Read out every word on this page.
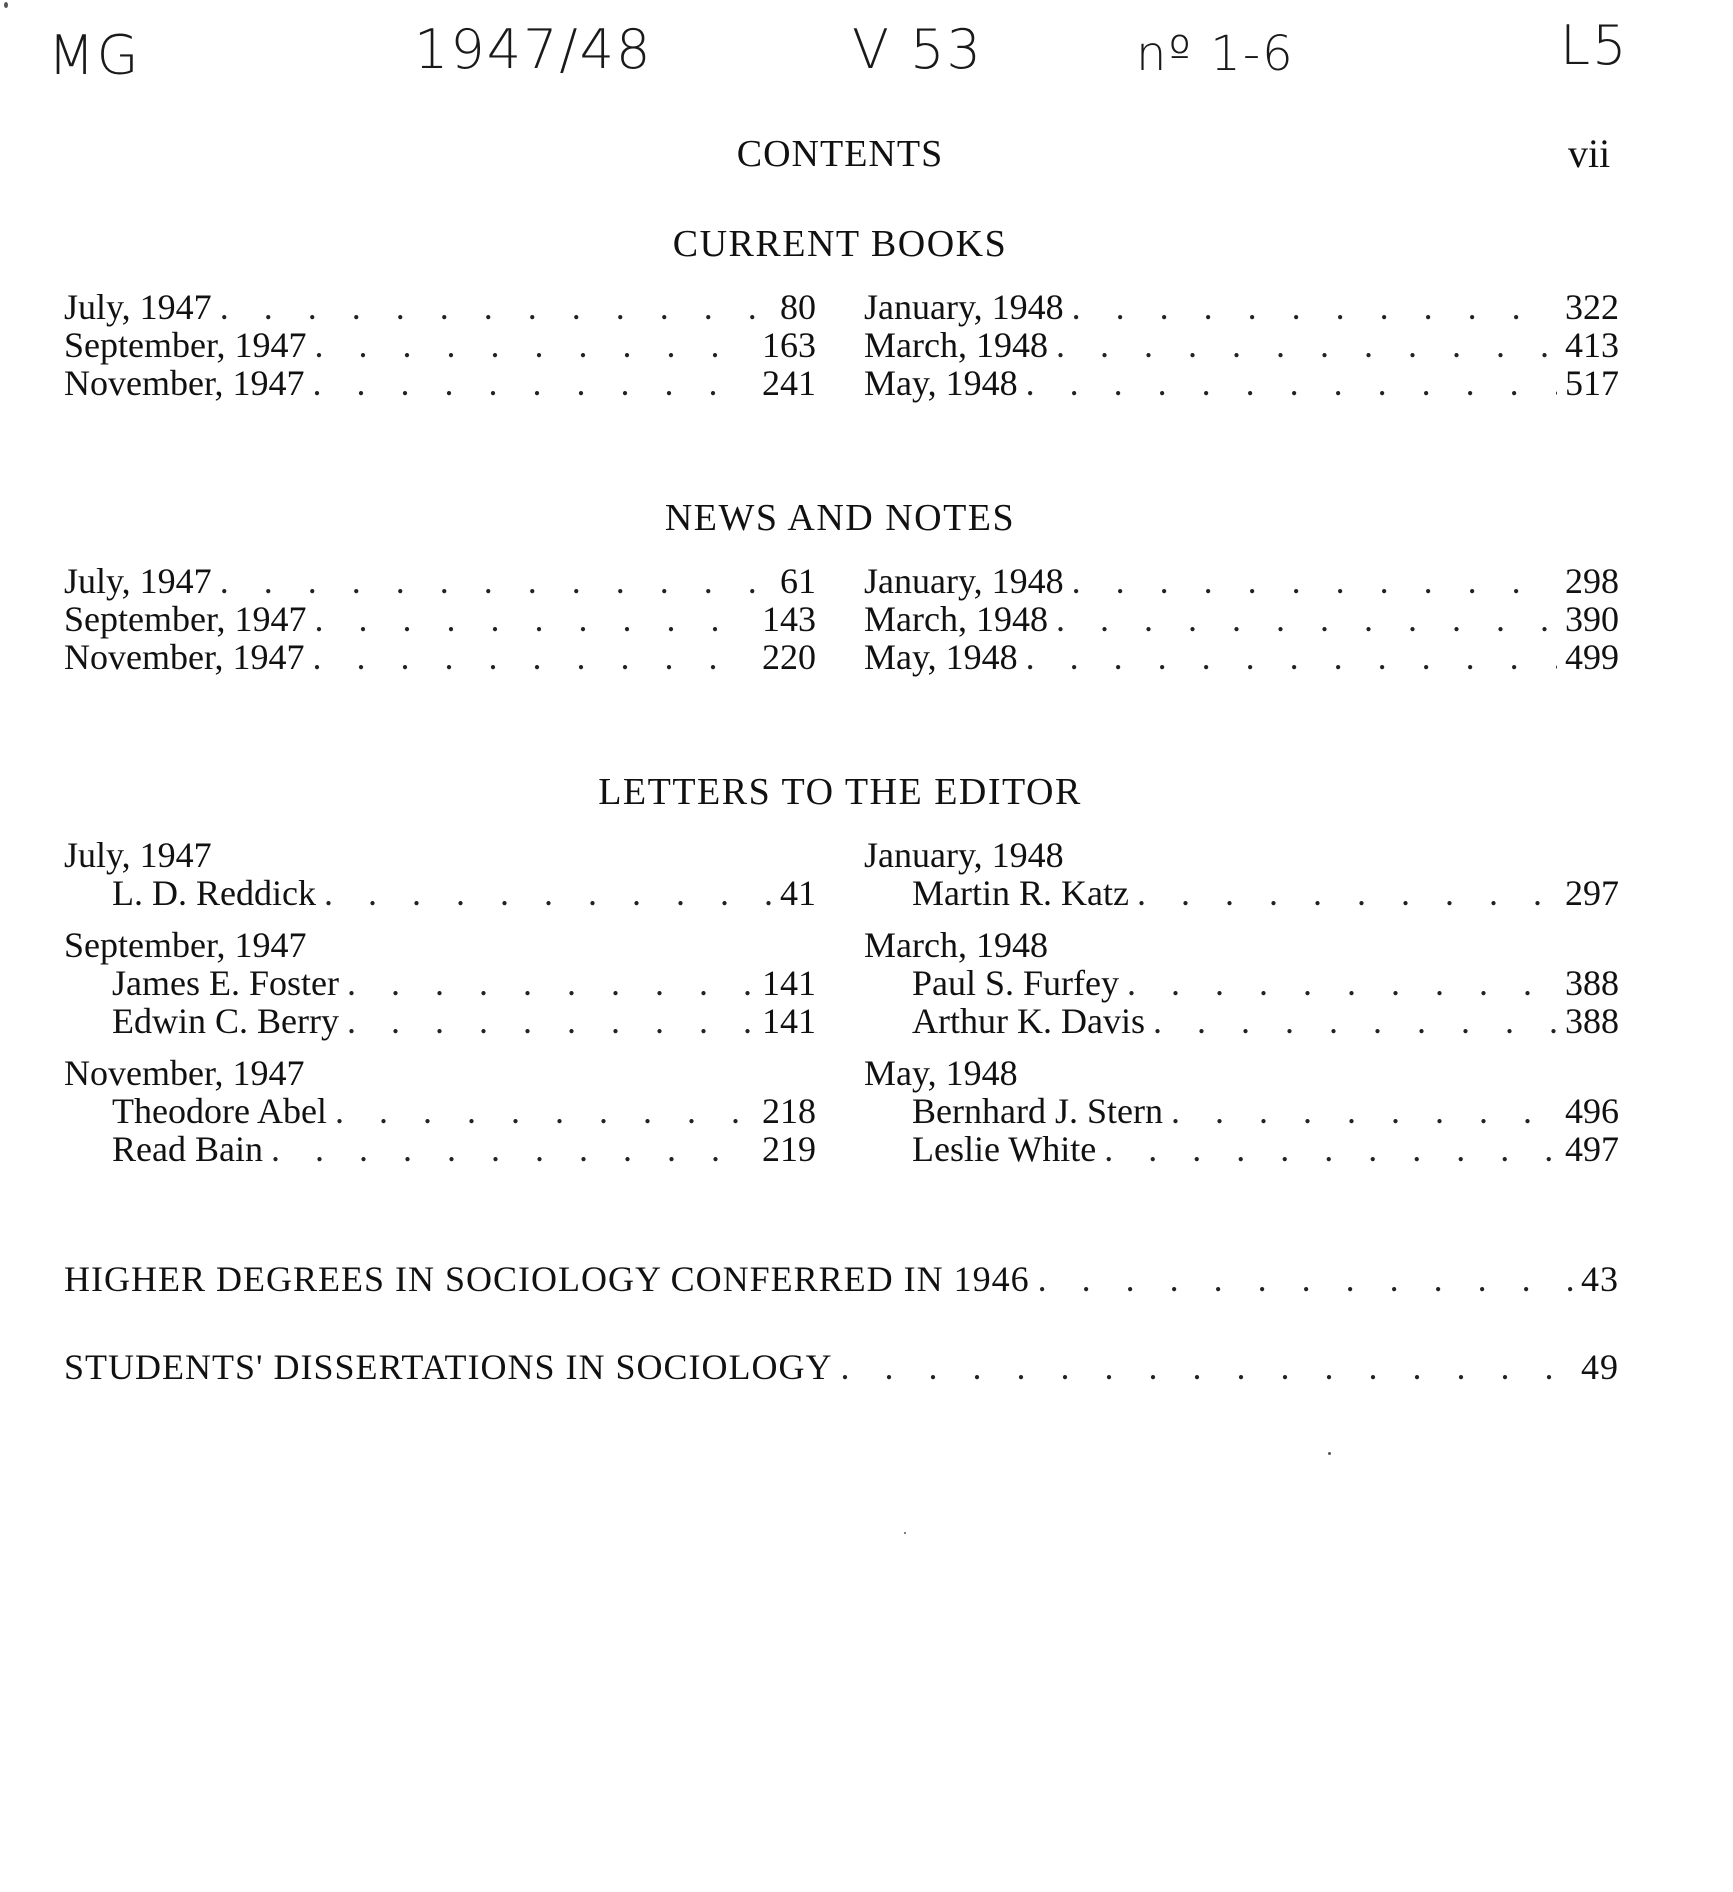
MG	1947/48	V 53	nº 1-6	L5
CONTENTS	vii
CURRENT BOOKS
July, 1947 . . .	80
September, 1947 . . .	163
November, 1947 . . .	241
January, 1948 . . .	322
March, 1948 . . .	413
May, 1948 . . .	517
NEWS AND NOTES
July, 1947 . . .	61
September, 1947 . . .	143
November, 1947 . . .	220
January, 1948 . . .	298
March, 1948 . . .	390
May, 1948 . . .	499
LETTERS TO THE EDITOR
July, 1947
L. D. Reddick . . .	41
September, 1947
James E. Foster . . .	141
Edwin C. Berry . . .	141
November, 1947
Theodore Abel . . .	218
Read Bain . . .	219
January, 1948
Martin R. Katz . . .	297
March, 1948
Paul S. Furfey . . .	388
Arthur K. Davis . . .	388
May, 1948
Bernhard J. Stern . . .	496
Leslie White . . .	497
HIGHER DEGREES IN SOCIOLOGY CONFERRED IN 1946 . . .	43
STUDENTS' DISSERTATIONS IN SOCIOLOGY . . .	49
